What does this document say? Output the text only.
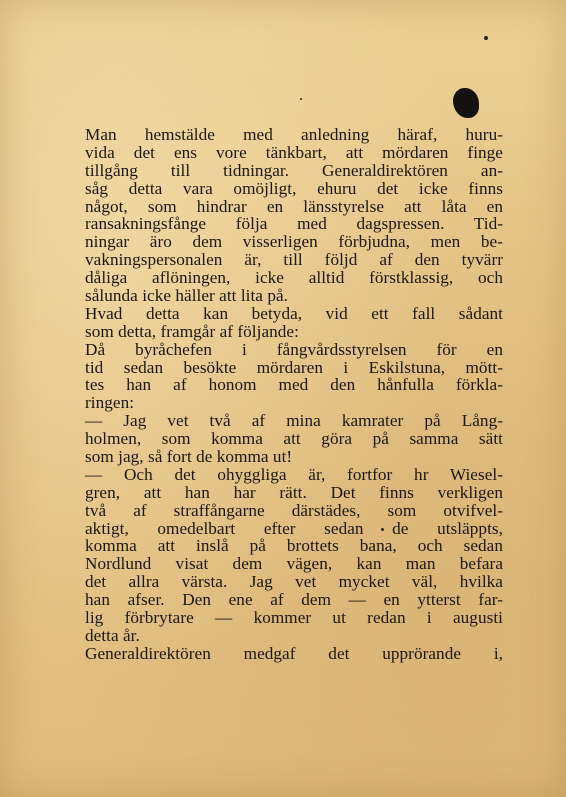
Man hemstälde med anledning häraf, huru-
vida det ens vore tänkbart, att mördaren finge
tillgång till tidningar. Generaldirektören an-
såg detta vara omöjligt, ehuru det icke finns
något, som hindrar en länsstyrelse att låta en
ransakningsfånge följa med dagspressen. Tid-
ningar äro dem visserligen förbjudna, men be-
vakningspersonalen är, till följd af den tyvärr
dåliga aflöningen, icke alltid förstklassig, och
sålunda icke häller att lita på.
Hvad detta kan betyda, vid ett fall sådant
som detta, framgår af följande:
Då byråchefen i fångvårdsstyrelsen för en
tid sedan besökte mördaren i Eskilstuna, mött-
tes han af honom med den hånfulla förkla-
ringen:
— Jag vet två af mina kamrater på Lång-
holmen, som komma att göra på samma sätt
som jag, så fort de komma ut!
— Och det ohyggliga är, fortfor hr Wiesel-
gren, att han har rätt. Det finns verkligen
två af straffångarne därstädes, som otvifvel-
aktigt, omedelbart efter sedan de utsläppts,
komma att inslå på brottets bana, och sedan
Nordlund visat dem vägen, kan man befara
det allra värsta. Jag vet mycket väl, hvilka
han afser. Den ene af dem — en ytterst far-
lig förbrytare — kommer ut redan i augusti
detta år.
Generaldirektören medgaf det upprörande i,
